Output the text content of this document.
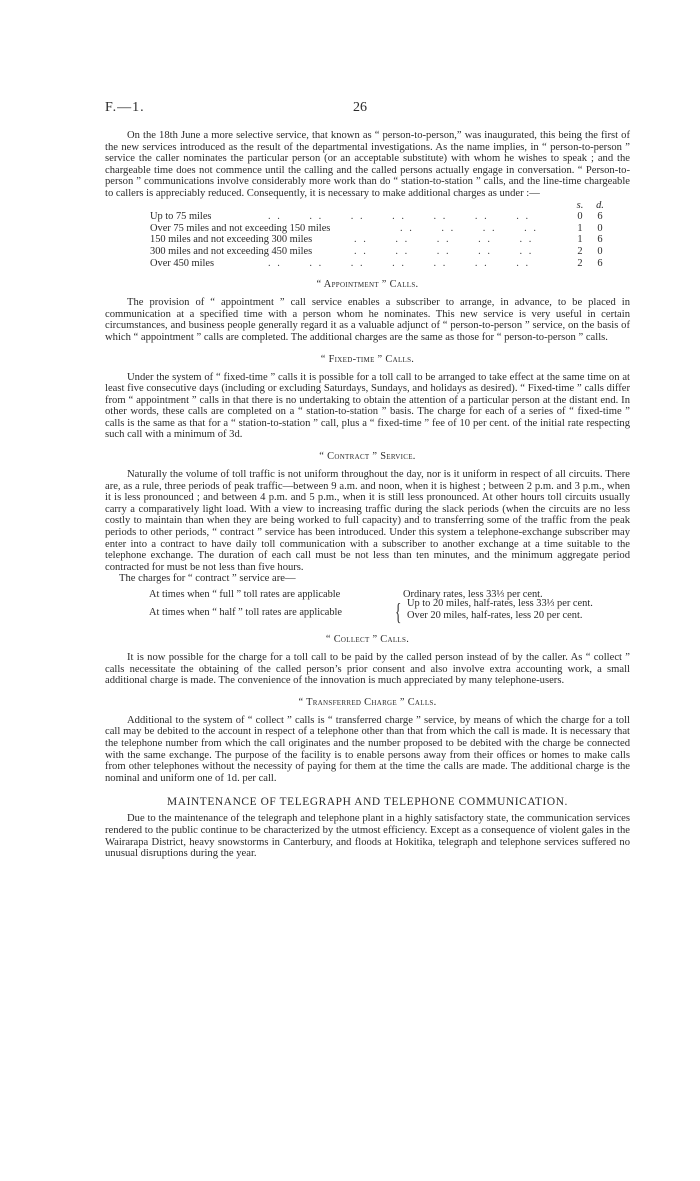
F.—1.	26

On the 18th June a more selective service, that known as “ person-to-person,” was inaugurated, this being the first of the new services introduced as the result of the departmental investigations. As the name implies, in “ person-to-person ” service the caller nominates the particular person (or an acceptable substitute) with whom he wishes to speak ; and the chargeable time does not commence until the calling and the called persons actually engage in conversation. “ Person-to-person ” communications involve considerably more work than do “ station-to-station ” calls, and the line-time chargeable to callers is appreciably reduced. Consequently, it is necessary to make additional charges as under :—

s. d.
Up to 75 miles	. .      . .      . .      . .      . .      . .      . .	0	6
Over 75 miles and not exceeding 150 miles	. .      . .      . .      . .	1	0
150 miles and not exceeding 300 miles	. .      . .      . .      . .      . .	1	6
300 miles and not exceeding 450 miles	. .      . .      . .      . .      . .	2	0
Over 450 miles	. .      . .      . .      . .      . .      . .      . .	2	6
“ Appointment ” Calls.

The provision of “ appointment ” call service enables a subscriber to arrange, in advance, to be placed in communication at a specified time with a person whom he nominates. This new service is very useful in certain circumstances, and business people generally regard it as a valuable adjunct of “ person-to-person ” service, on the basis of which “ appointment ” calls are completed. The additional charges are the same as those for “ person-to-person ” calls.

“ Fixed-time ” Calls.

Under the system of “ fixed-time ” calls it is possible for a toll call to be arranged to take effect at the same time on at least five consecutive days (including or excluding Saturdays, Sundays, and holidays as desired). “ Fixed-time ” calls differ from “ appointment ” calls in that there is no undertaking to obtain the attention of a particular person at the distant end. In other words, these calls are completed on a “ station-to-station ” basis. The charge for each of a series of “ fixed-time ” calls is the same as that for a “ station-to-station ” call, plus a “ fixed-time ” fee of 10 per cent. of the initial rate respecting such call with a minimum of 3d.

“ Contract ” Service.

Naturally the volume of toll traffic is not uniform throughout the day, nor is it uniform in respect of all circuits. There are, as a rule, three periods of peak traffic—between 9 a.m. and noon, when it is highest ; between 2 p.m. and 3 p.m., when it is less pronounced ; and between 4 p.m. and 5 p.m., when it is still less pronounced. At other hours toll circuits usually carry a comparatively light load. With a view to increasing traffic during the slack periods (when the circuits are no less costly to maintain than when they are being worked to full capacity) and to transferring some of the traffic from the peak periods to other periods, “ contract ” service has been introduced. Under this system a telephone-exchange subscriber may enter into a contract to have daily toll communication with a subscriber to another exchange at a time suitable to the telephone exchange. The duration of each call must be not less than ten minutes, and the minimum aggregate period contracted for must be not less than five hours.

The charges for “ contract ” service are—

At times when “ full ” toll rates are applicable	Ordinary rates, less 33⅓ per cent.
At times when “ half ” toll rates are applicable { Up to 20 miles, half-rates, less 33⅓ per cent.
Over 20 miles, half-rates, less 20 per cent.
“ Collect ” Calls.

It is now possible for the charge for a toll call to be paid by the called person instead of by the caller. As “ collect ” calls necessitate the obtaining of the called person’s prior consent and also involve extra accounting work, a small additional charge is made. The convenience of the innovation is much appreciated by many telephone-users.

“ Transferred Charge ” Calls.

Additional to the system of “ collect ” calls is “ transferred charge ” service, by means of which the charge for a toll call may be debited to the account in respect of a telephone other than that from which the call is made. It is necessary that the telephone number from which the call originates and the number proposed to be debited with the charge be connected with the same exchange. The purpose of the facility is to enable persons away from their offices or homes to make calls from other telephones without the necessity of paying for them at the time the calls are made. The additional charge is the nominal and uniform one of 1d. per call.

MAINTENANCE OF TELEGRAPH AND TELEPHONE COMMUNICATION.

Due to the maintenance of the telegraph and telephone plant in a highly satisfactory state, the communication services rendered to the public continue to be characterized by the utmost efficiency. Except as a consequence of violent gales in the Wairarapa District, heavy snowstorms in Canterbury, and floods at Hokitika, telegraph and telephone services suffered no unusual disruptions during the year.
